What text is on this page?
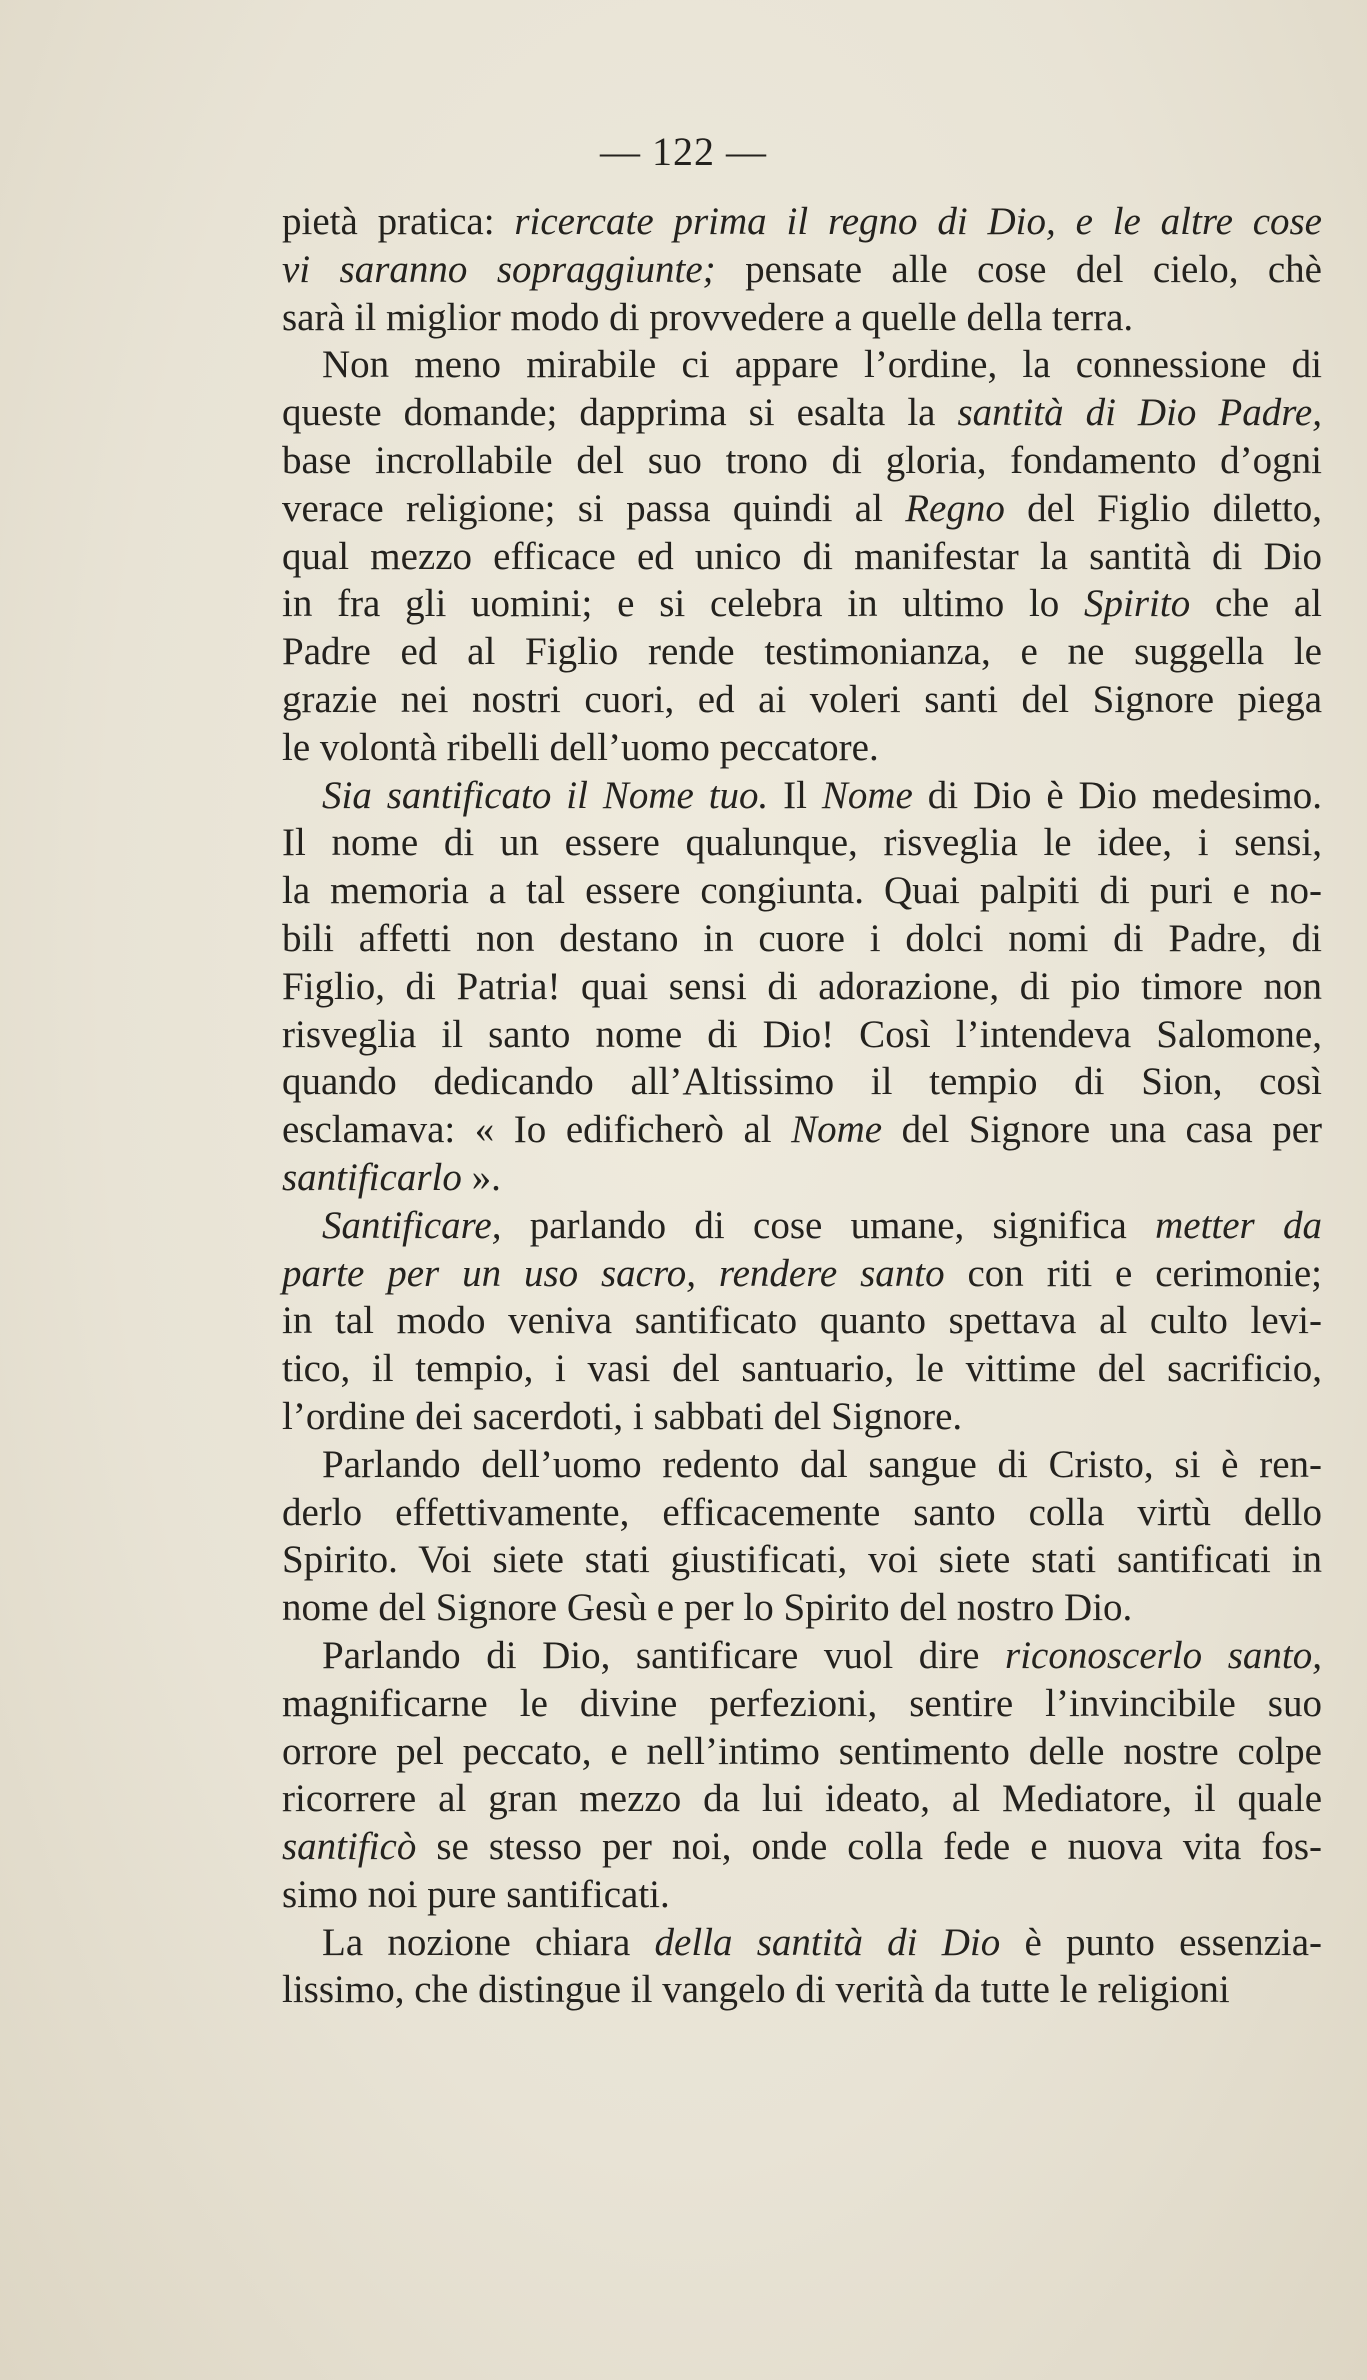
— 122 —
pietà pratica: ricercate prima il regno di Dio, e le altre cose
vi saranno sopraggiunte; pensate alle cose del cielo, chè
sarà il miglior modo di provvedere a quelle della terra.
Non meno mirabile ci appare l’ordine, la connessione di
queste domande; dapprima si esalta la santità di Dio Padre,
base incrollabile del suo trono di gloria, fondamento d’ogni
verace religione; si passa quindi al Regno del Figlio diletto,
qual mezzo efficace ed unico di manifestar la santità di Dio
in fra gli uomini; e si celebra in ultimo lo Spirito che al
Padre ed al Figlio rende testimonianza, e ne suggella le
grazie nei nostri cuori, ed ai voleri santi del Signore piega
le volontà ribelli dell’uomo peccatore.
Sia santificato il Nome tuo. Il Nome di Dio è Dio medesimo.
Il nome di un essere qualunque, risveglia le idee, i sensi,
la memoria a tal essere congiunta. Quai palpiti di puri e no-
bili affetti non destano in cuore i dolci nomi di Padre, di
Figlio, di Patria! quai sensi di adorazione, di pio timore non
risveglia il santo nome di Dio! Così l’intendeva Salomone,
quando dedicando all’Altissimo il tempio di Sion, così
esclamava: « Io edificherò al Nome del Signore una casa per
santificarlo ».
Santificare, parlando di cose umane, significa metter da
parte per un uso sacro, rendere santo con riti e cerimonie;
in tal modo veniva santificato quanto spettava al culto levi-
tico, il tempio, i vasi del santuario, le vittime del sacrificio,
l’ordine dei sacerdoti, i sabbati del Signore.
Parlando dell’uomo redento dal sangue di Cristo, si è ren-
derlo effettivamente, efficacemente santo colla virtù dello
Spirito. Voi siete stati giustificati, voi siete stati santificati in
nome del Signore Gesù e per lo Spirito del nostro Dio.
Parlando di Dio, santificare vuol dire riconoscerlo santo,
magnificarne le divine perfezioni, sentire l’invincibile suo
orrore pel peccato, e nell’intimo sentimento delle nostre colpe
ricorrere al gran mezzo da lui ideato, al Mediatore, il quale
santificò se stesso per noi, onde colla fede e nuova vita fos-
simo noi pure santificati.
La nozione chiara della santità di Dio è punto essenzia-
lissimo, che distingue il vangelo di verità da tutte le religioni
